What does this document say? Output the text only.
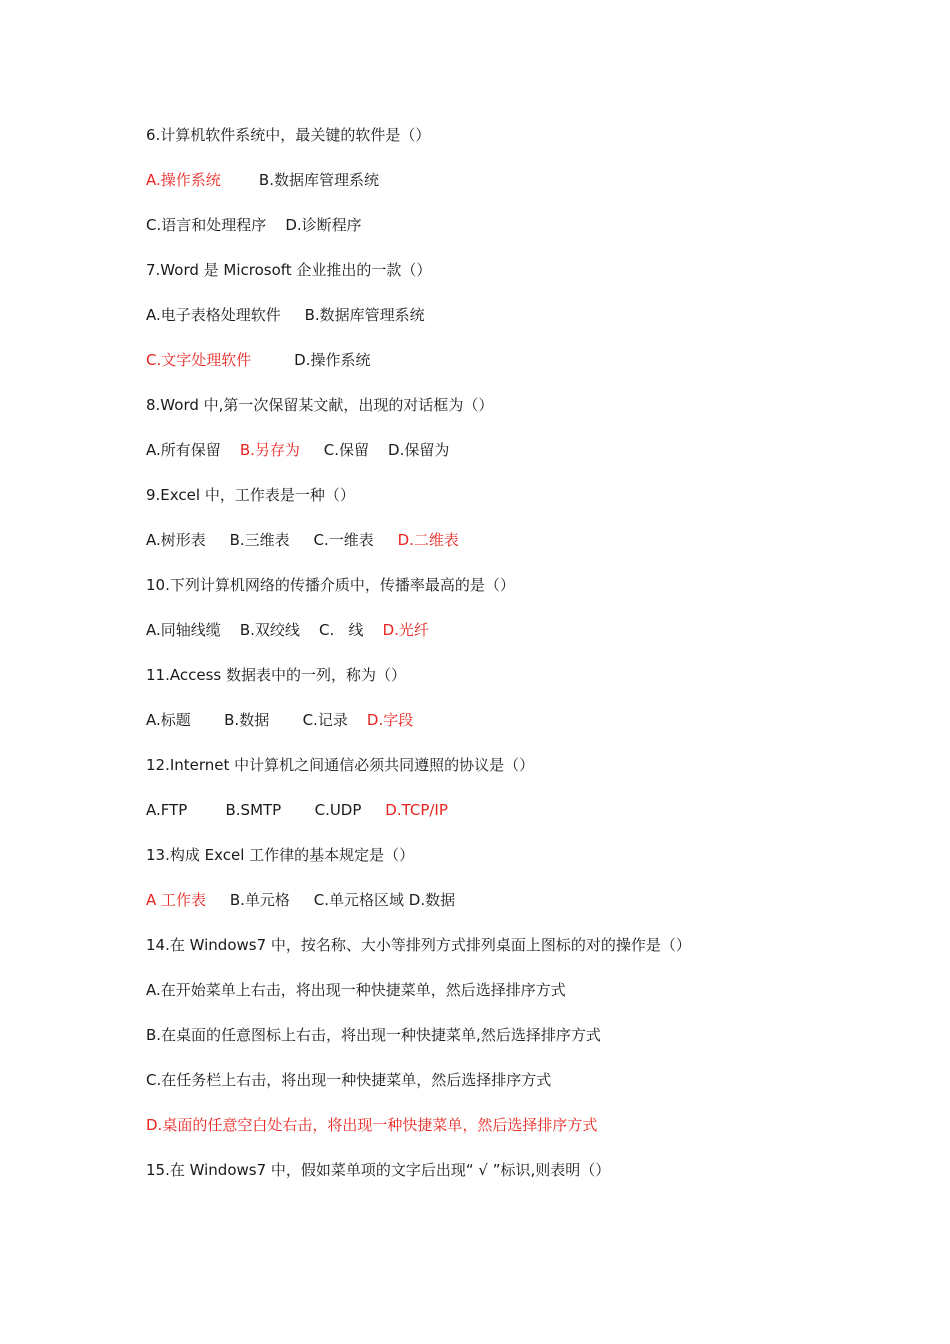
6.计算机软件系统中，最关键的软件是（）
A.操作系统        B.数据库管理系统
C.语言和处理程序    D.诊断程序
7.Word 是 Microsoft 企业推出的一款（）
A.电子表格处理软件     B.数据库管理系统
C.文字处理软件         D.操作系统
8.Word 中,第一次保留某文献，出现的对话框为（）
A.所有保留    B.另存为     C.保留    D.保留为
9.Excel 中，工作表是一种（）
A.树形表     B.三维表     C.一维表     D.二维表
10.下列计算机网络的传播介质中，传播率最高的是（）
A.同轴线缆    B.双绞线    C.   线    D.光纤
11.Access 数据表中的一列，称为（）
A.标题       B.数据       C.记录    D.字段
12.Internet 中计算机之间通信必须共同遵照的协议是（）
A.FTP        B.SMTP       C.UDP     D.TCP/IP
13.构成 Excel 工作律的基本规定是（）
A 工作表     B.单元格     C.单元格区域 D.数据
14.在 Windows7 中，按名称、大小等排列方式排列桌面上图标的对的操作是（）
A.在开始菜单上右击，将出现一种快捷菜单，然后选择排序方式
B.在桌面的任意图标上右击，将出现一种快捷菜单,然后选择排序方式
C.在任务栏上右击，将出现一种快捷菜单，然后选择排序方式
D.桌面的任意空白处右击，将出现一种快捷菜单，然后选择排序方式
15.在 Windows7 中，假如菜单项的文字后出现“ √ ”标识,则表明（）
